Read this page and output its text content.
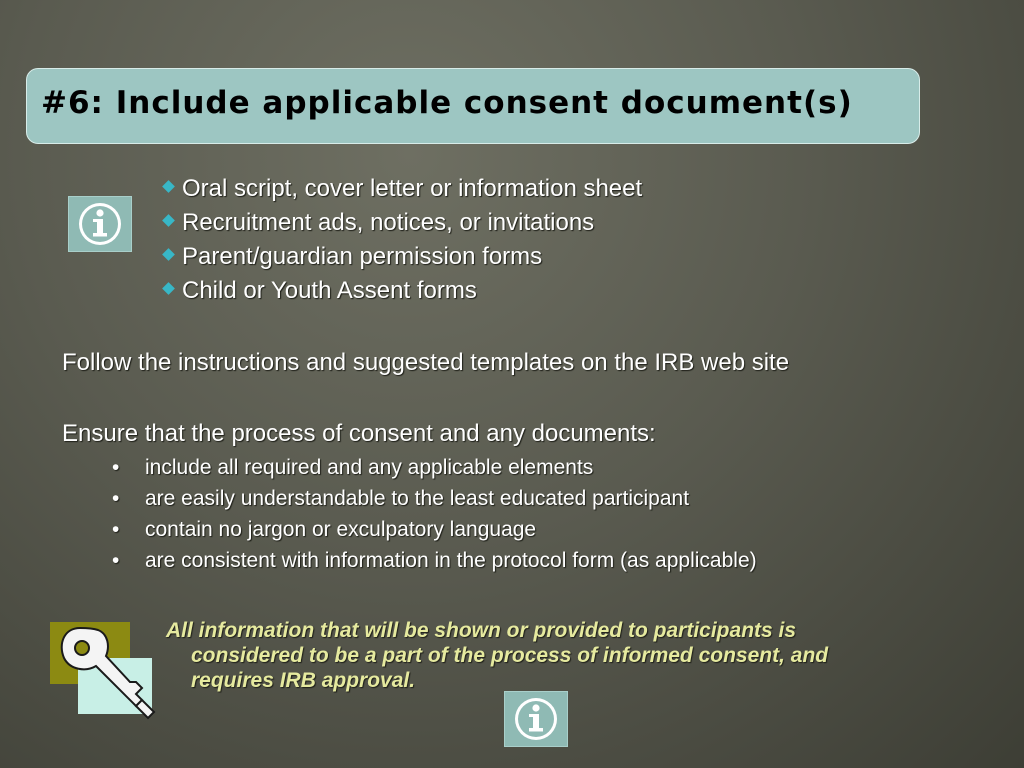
#6: Include applicable consent document(s)
Oral script, cover letter or information sheet
Recruitment ads, notices, or invitations
Parent/guardian permission forms
Child or Youth Assent forms
Follow the instructions and suggested templates on the IRB web site
Ensure that the process of consent and any documents:
• include all required and any applicable elements
• are easily understandable to the least educated participant
• contain no jargon or exculpatory language
• are consistent with information in the protocol form (as applicable)
All information that will be shown or provided to participants is
considered to be a part of the process of informed consent, and
requires IRB approval.
